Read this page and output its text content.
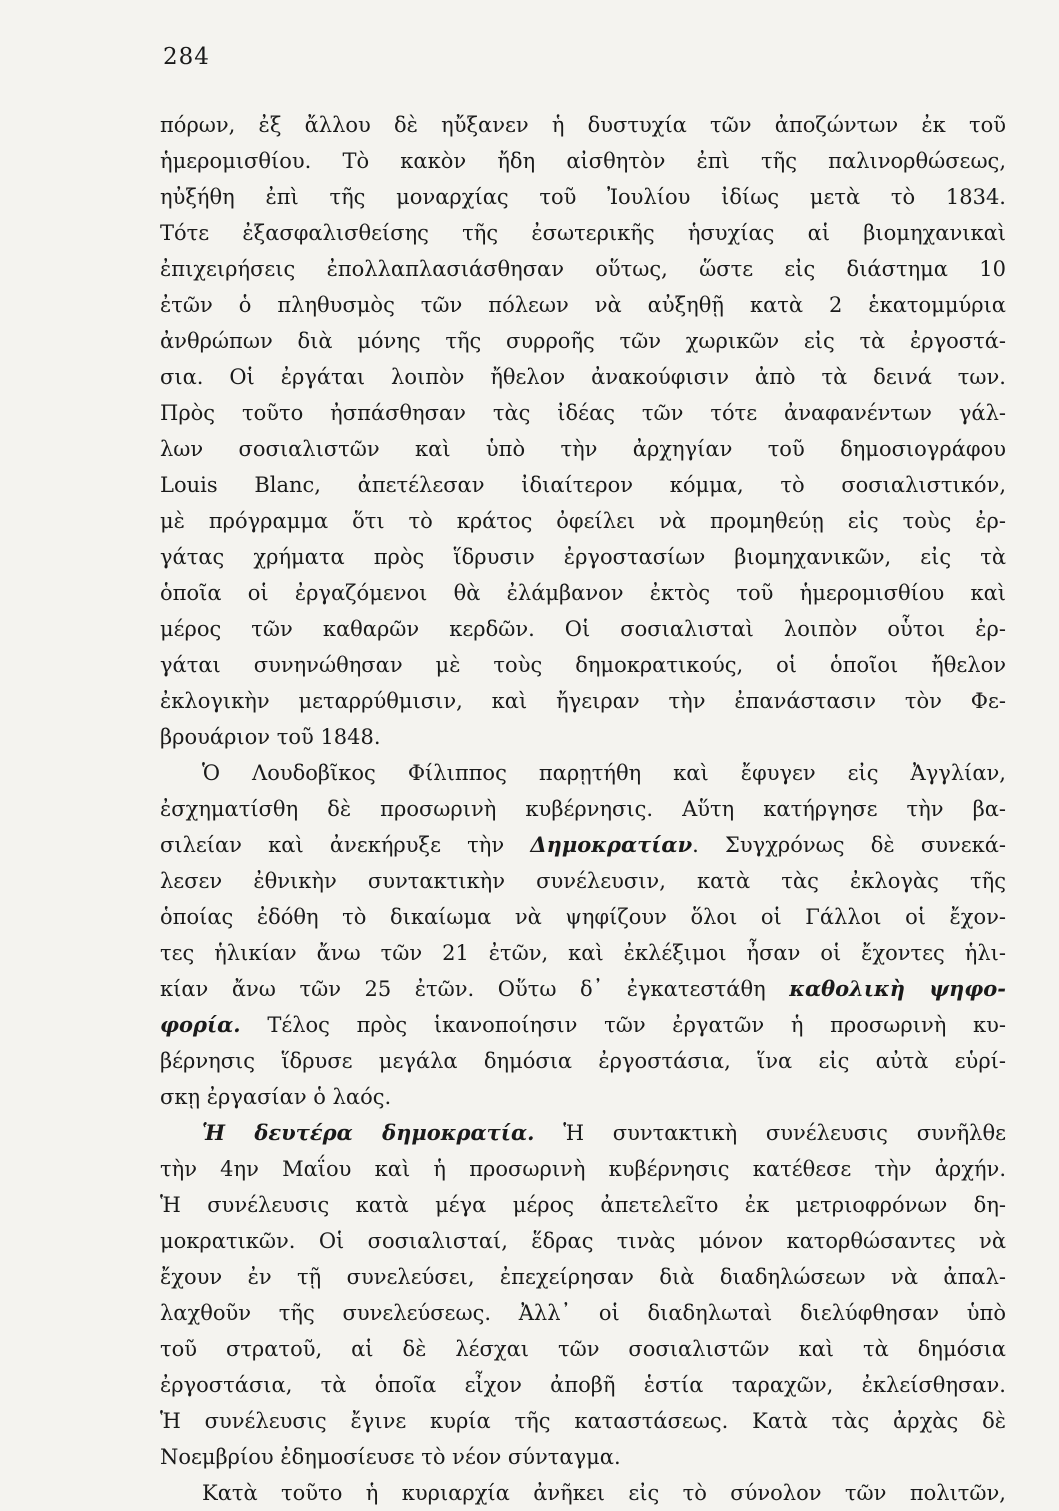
284
πόρων, ἐξ ἄλλου δὲ ηὔξανεν ἡ δυστυχία τῶν ἀποζώντων ἐκ τοῦ
ἡμερομισθίου. Τὸ κακὸν ἤδη αἰσθητὸν ἐπὶ τῆς παλινορθώσεως,
ηὐξήθη ἐπὶ τῆς μοναρχίας τοῦ Ἰουλίου ἰδίως μετὰ τὸ 1834.
Τότε ἐξασφαλισθείσης τῆς ἐσωτερικῆς ἡσυχίας αἱ βιομηχανικαὶ
ἐπιχειρήσεις ἐπολλαπλασιάσθησαν οὕτως, ὥστε εἰς διάστημα 10
ἐτῶν ὁ πληθυσμὸς τῶν πόλεων νὰ αὐξηθῇ κατὰ 2 ἑκατομμύρια
ἀνθρώπων διὰ μόνης τῆς συρροῆς τῶν χωρικῶν εἰς τὰ ἐργοστά-
σια. Οἱ ἐργάται λοιπὸν ἤθελον ἀνακούφισιν ἀπὸ τὰ δεινά των.
Πρὸς τοῦτο ἠσπάσθησαν τὰς ἰδέας τῶν τότε ἀναφανέντων γάλ-
λων σοσιαλιστῶν καὶ ὑπὸ τὴν ἀρχηγίαν τοῦ δημοσιογράφου
Louis Blanc, ἀπετέλεσαν ἰδιαίτερον κόμμα, τὸ σοσιαλιστικόν,
μὲ πρόγραμμα ὅτι τὸ κράτος ὀφείλει νὰ προμηθεύῃ εἰς τοὺς ἐρ-
γάτας χρήματα πρὸς ἵδρυσιν ἐργοστασίων βιομηχανικῶν, εἰς τὰ
ὁποῖα οἱ ἐργαζόμενοι θὰ ἐλάμβανον ἐκτὸς τοῦ ἡμερομισθίου καὶ
μέρος τῶν καθαρῶν κερδῶν. Οἱ σοσιαλισταὶ λοιπὸν οὗτοι ἐρ-
γάται συνηνώθησαν μὲ τοὺς δημοκρατικούς, οἱ ὁποῖοι ἤθελον
ἐκλογικὴν μεταρρύθμισιν, καὶ ἤγειραν τὴν ἐπανάστασιν τὸν Φε-
βρουάριον τοῦ 1848.
Ὁ Λουδοβῖκος Φίλιππος παρῃτήθη καὶ ἔφυγεν εἰς Ἀγγλίαν,
ἐσχηματίσθη δὲ προσωρινὴ κυβέρνησις. Αὕτη κατήργησε τὴν βα-
σιλείαν καὶ ἀνεκήρυξε τὴν Δημοκρατίαν. Συγχρόνως δὲ συνεκά-
λεσεν ἐθνικὴν συντακτικὴν συνέλευσιν, κατὰ τὰς ἐκλογὰς τῆς
ὁποίας ἐδόθη τὸ δικαίωμα νὰ ψηφίζουν ὅλοι οἱ Γάλλοι οἱ ἔχον-
τες ἡλικίαν ἄνω τῶν 21 ἐτῶν, καὶ ἐκλέξιμοι ἦσαν οἱ ἔχοντες ἡλι-
κίαν ἄνω τῶν 25 ἐτῶν. Οὕτω δ᾿ ἐγκατεστάθη καθολικὴ ψηφο-
φορία. Τέλος πρὸς ἱκανοποίησιν τῶν ἐργατῶν ἡ προσωρινὴ κυ-
βέρνησις ἵδρυσε μεγάλα δημόσια ἐργοστάσια, ἵνα εἰς αὐτὰ εὑρί-
σκῃ ἐργασίαν ὁ λαός.
Ἡ δευτέρα δημοκρατία. Ἡ συντακτικὴ συνέλευσις συνῆλθε
τὴν 4ην Μαΐου καὶ ἡ προσωρινὴ κυβέρνησις κατέθεσε τὴν ἀρχήν.
Ἡ συνέλευσις κατὰ μέγα μέρος ἀπετελεῖτο ἐκ μετριοφρόνων δη-
μοκρατικῶν. Οἱ σοσιαλισταί, ἕδρας τινὰς μόνον κατορθώσαντες νὰ
ἔχουν ἐν τῇ συνελεύσει, ἐπεχείρησαν διὰ διαδηλώσεων νὰ ἀπαλ-
λαχθοῦν τῆς συνελεύσεως. Ἀλλ᾿ οἱ διαδηλωταὶ διελύφθησαν ὑπὸ
τοῦ στρατοῦ, αἱ δὲ λέσχαι τῶν σοσιαλιστῶν καὶ τὰ δημόσια
ἐργοστάσια, τὰ ὁποῖα εἶχον ἀποβῆ ἑστία ταραχῶν, ἐκλείσθησαν.
Ἡ συνέλευσις ἔγινε κυρία τῆς καταστάσεως. Κατὰ τὰς ἀρχὰς δὲ
Νοεμβρίου ἐδημοσίευσε τὸ νέον σύνταγμα.
Κατὰ τοῦτο ἡ κυριαρχία ἀνῆκει εἰς τὸ σύνολον τῶν πολιτῶν,
